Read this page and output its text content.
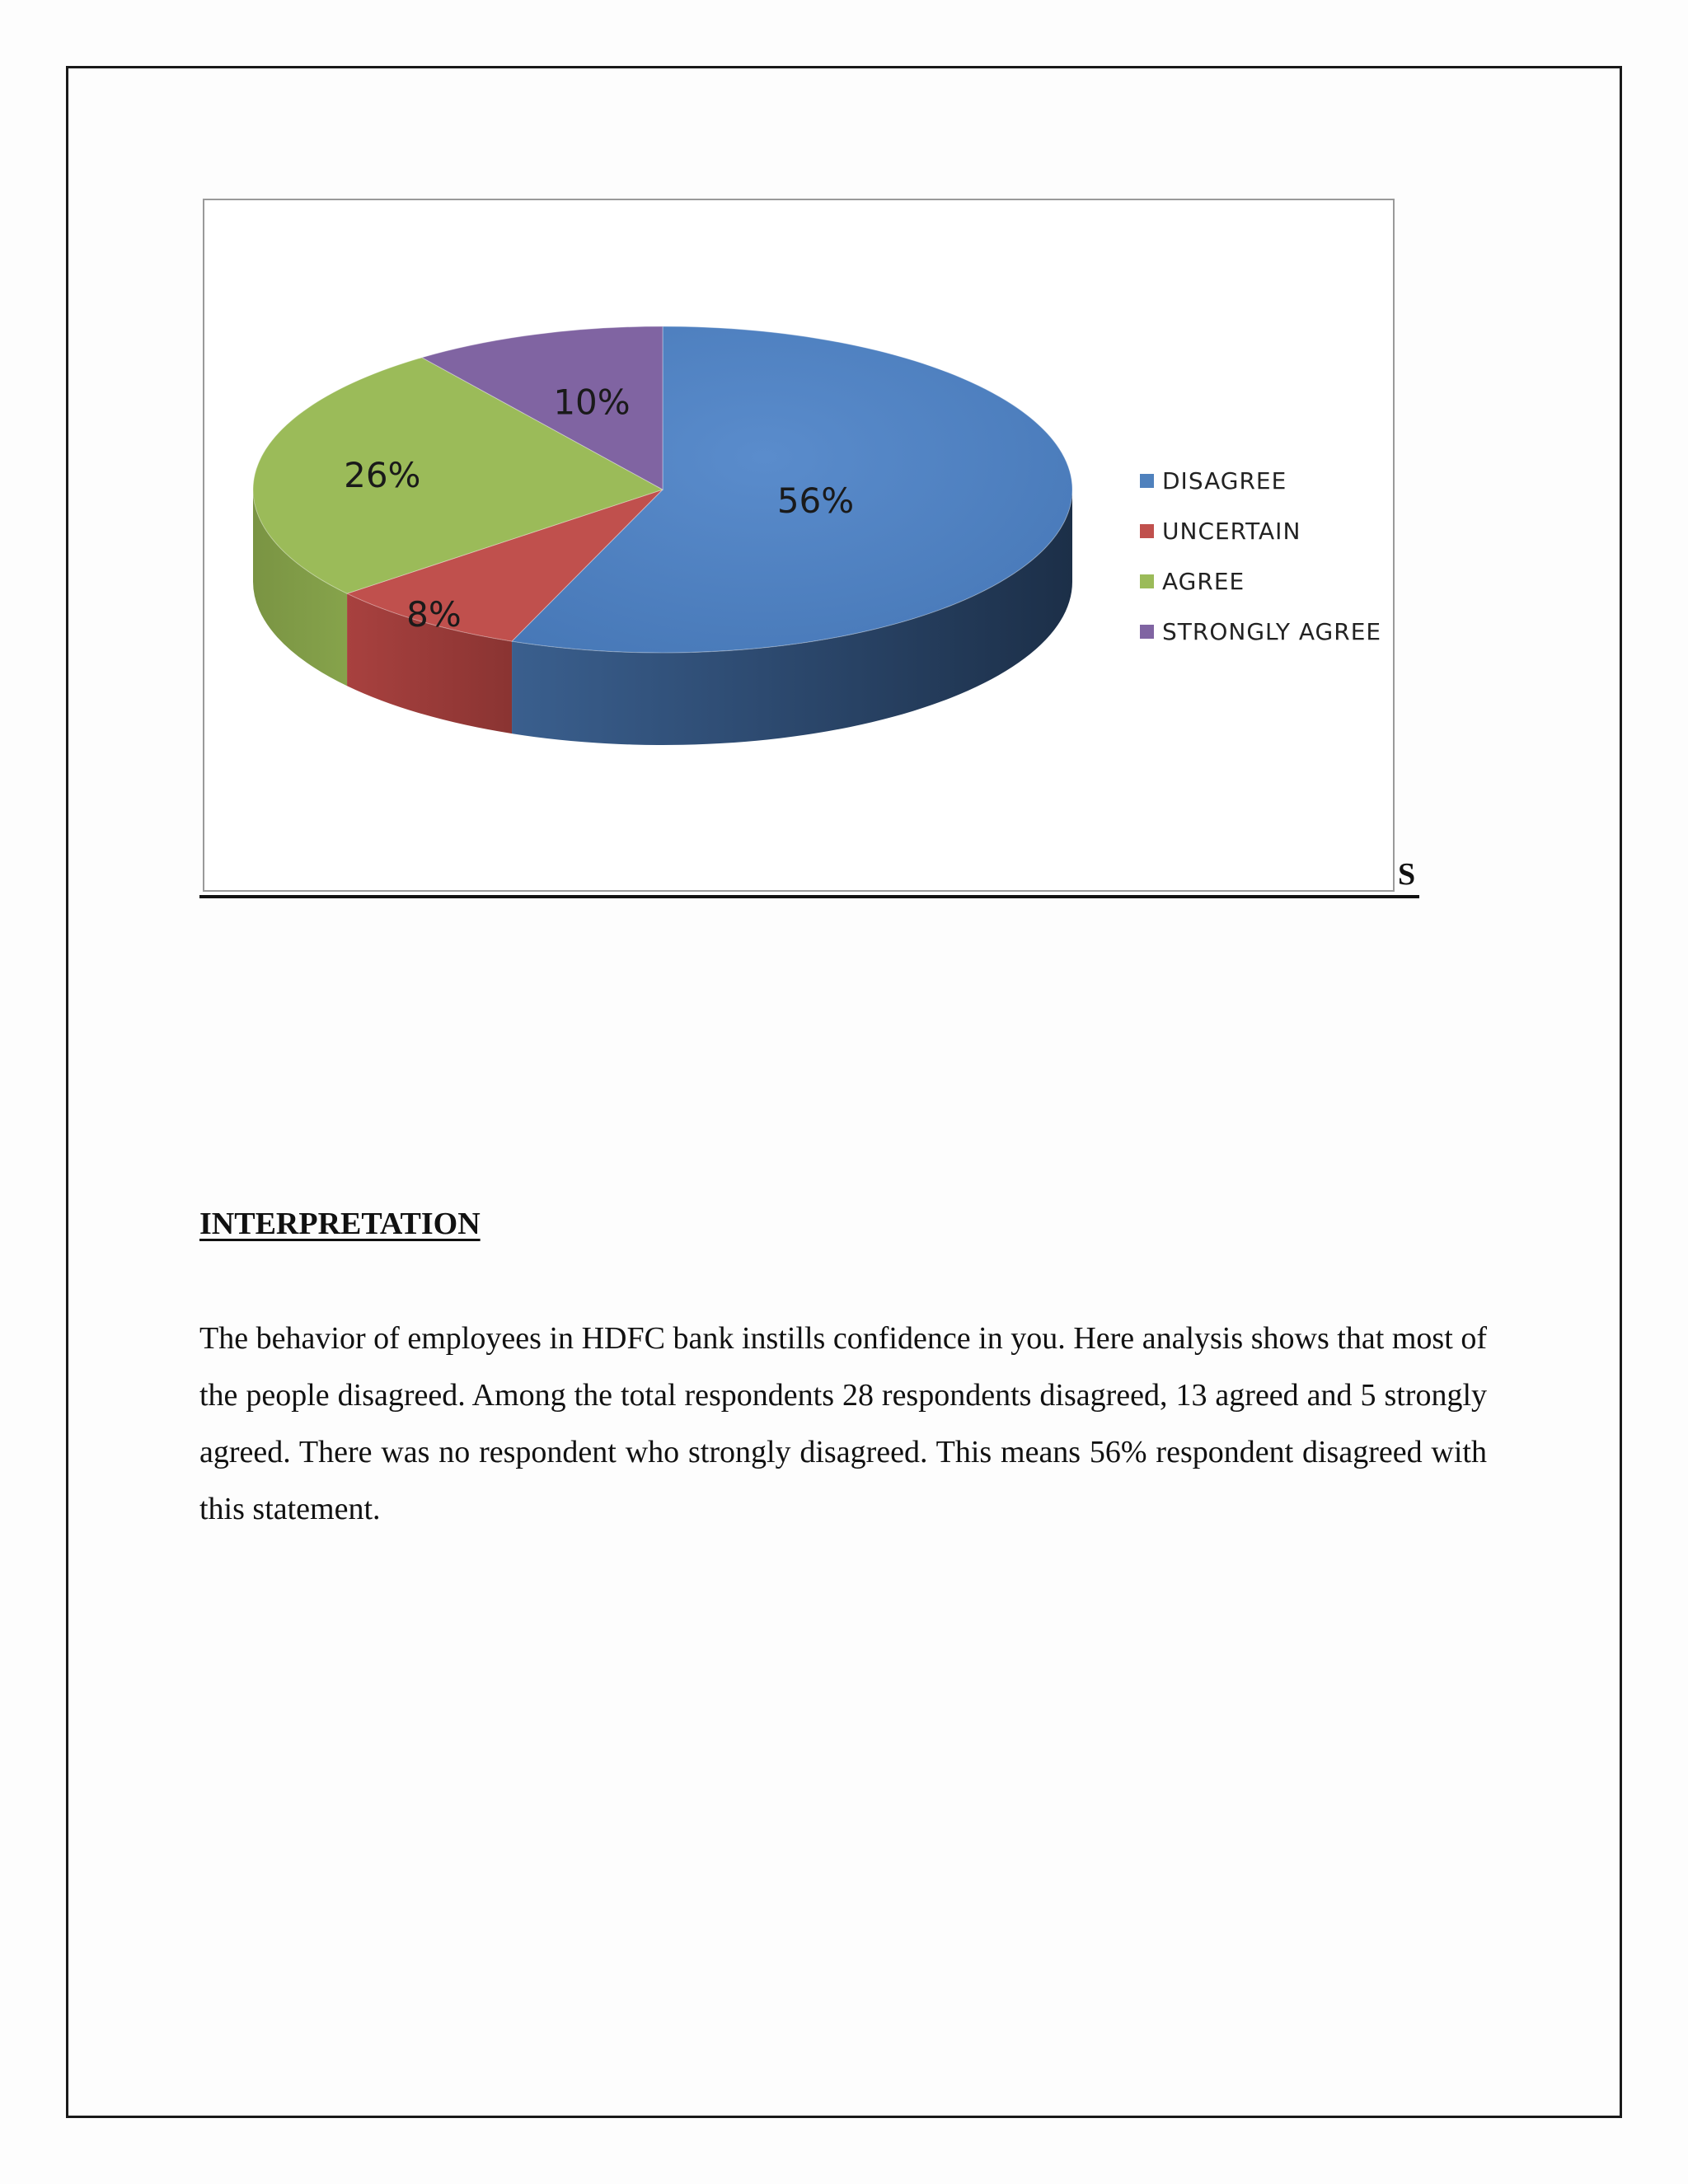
56%
8%
26%
10%
DISAGREE
UNCERTAIN
AGREE
STRONGLY AGREE
S
INTERPRETATION

The behavior of employees in HDFC bank instills confidence in you. Here analysis shows that most of the people disagreed. Among the total respondents 28 respondents disagreed, 13 agreed and 5 strongly agreed. There was no respondent who strongly disagreed. This means 56% respondent disagreed with this statement.
